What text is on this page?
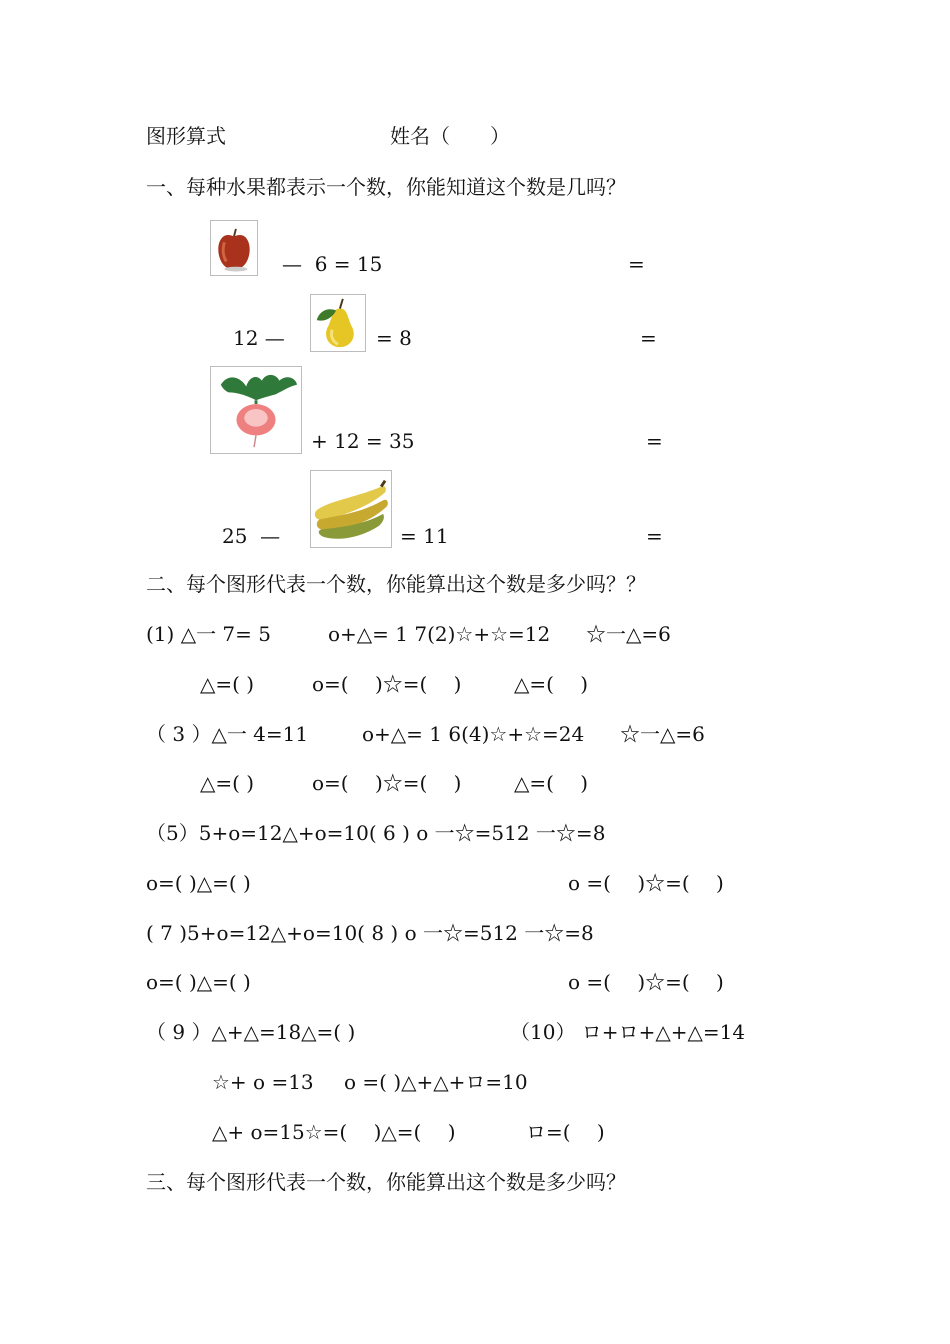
图形算式	姓名（　　）
一、每种水果都表示一个数，你能知道这个数是几吗？
—  6 = 15	=
12 —	= 8	=
+ 12 = 35	=
25  —	= 11	=
二、每个图形代表一个数，你能算出这个数是多少吗？？
(1) △一 7= 5	o+△= 1 7(2)☆+☆=12 ☆一△=6
△=( )	o=(　 )☆=(　 )	△=(　 )
（ 3 ）△一 4=11	o+△= 1 6(4)☆+☆=24 ☆一△=6
△=( )	o=(　 )☆=(　 )	△=(　 )
（5）5+o=12△+o=10( 6 ) o 一☆=512 一☆=8
o=( )△=( )	o =(　 )☆=(　 )
( 7 )5+o=12△+o=10( 8 ) o 一☆=512 一☆=8
o=( )△=( )	o =(　 )☆=(　 )
（ 9 ）△+△=18△=( )	（10） ロ+ロ+△+△=14
☆+ o =13 o =( )△+△+ロ=10
△+ o=15☆=(　 )△=(　 )	ロ=(　 )
三、每个图形代表一个数，你能算出这个数是多少吗？
